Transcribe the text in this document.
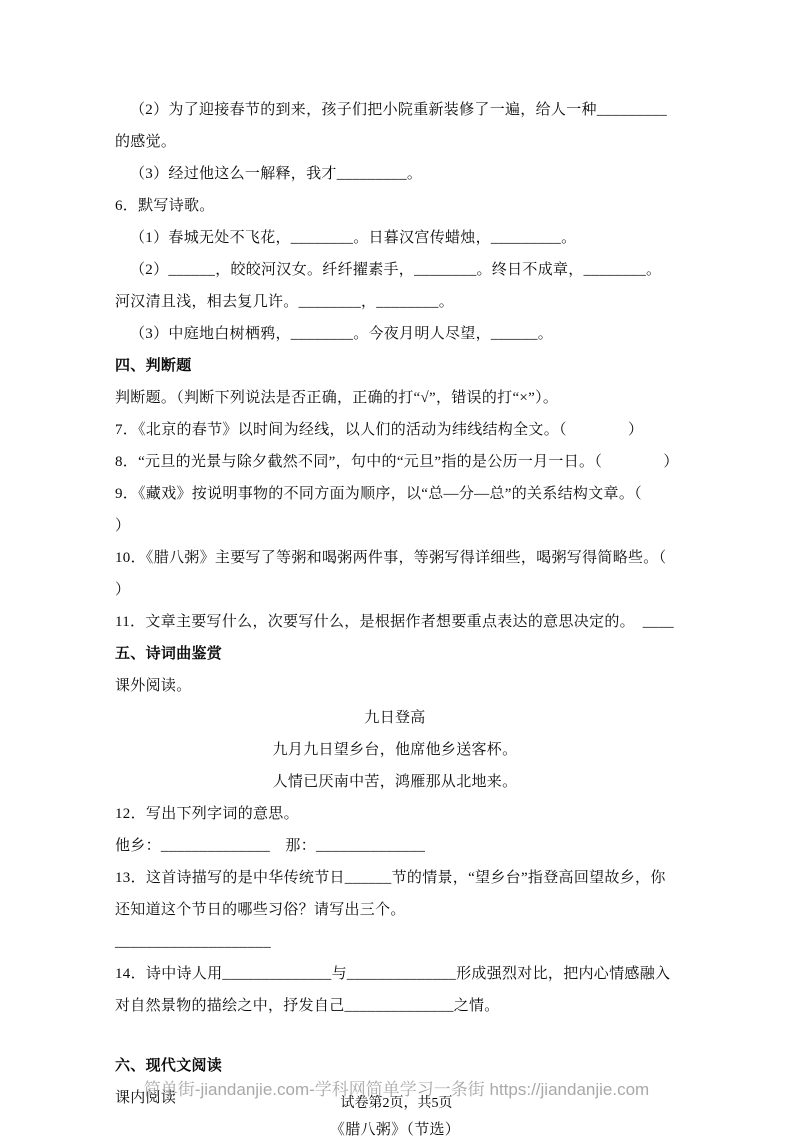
（2）为了迎接春节的到来，孩子们把小院重新装修了一遍，给人一种_________的感觉。

（3）经过他这么一解释，我才_________。

6．默写诗歌。

（1）春城无处不飞花，________。日暮汉宫传蜡烛，_________。

（2）______，皎皎河汉女。纤纤擢素手，________。终日不成章，________。河汉清且浅，相去复几许。________，________。

（3）中庭地白树栖鸦，________。今夜月明人尽望，______。

四、判断题

判断题。（判断下列说法是否正确，正确的打“√”，错误的打“×”）。

7．《北京的春节》以时间为经线，以人们的活动为纬线结构全文。（　　　　）

8．“元旦的光景与除夕截然不同”，句中的“元旦”指的是公历一月一日。（　　　　）

9．《藏戏》按说明事物的不同方面为顺序，以“总—分—总”的关系结构文章。（　　　）

10．《腊八粥》主要写了等粥和喝粥两件事，等粥写得详细些，喝粥写得简略些。（　　）

11．文章主要写什么，次要写什么，是根据作者想要重点表达的意思决定的。　____

五、诗词曲鉴赏

课外阅读。

九日登高

九月九日望乡台，他席他乡送客杯。

人情已厌南中苦，鸿雁那从北地来。

12．写出下列字词的意思。

他乡：______________　那：______________

13．这首诗描写的是中华传统节日______节的情景，“望乡台”指登高回望故乡，你还知道这个节日的哪些习俗？请写出三个。

____________________

14．诗中诗人用______________与______________形成强烈对比，把内心情感融入对自然景物的描绘之中，抒发自己______________之情。

六、现代文阅读

课内阅读

《腊八粥》（节选）

简单街-jiandanjie.com-学科网简单学习一条街 https://jiandanjie.com
试卷第2页，共5页
